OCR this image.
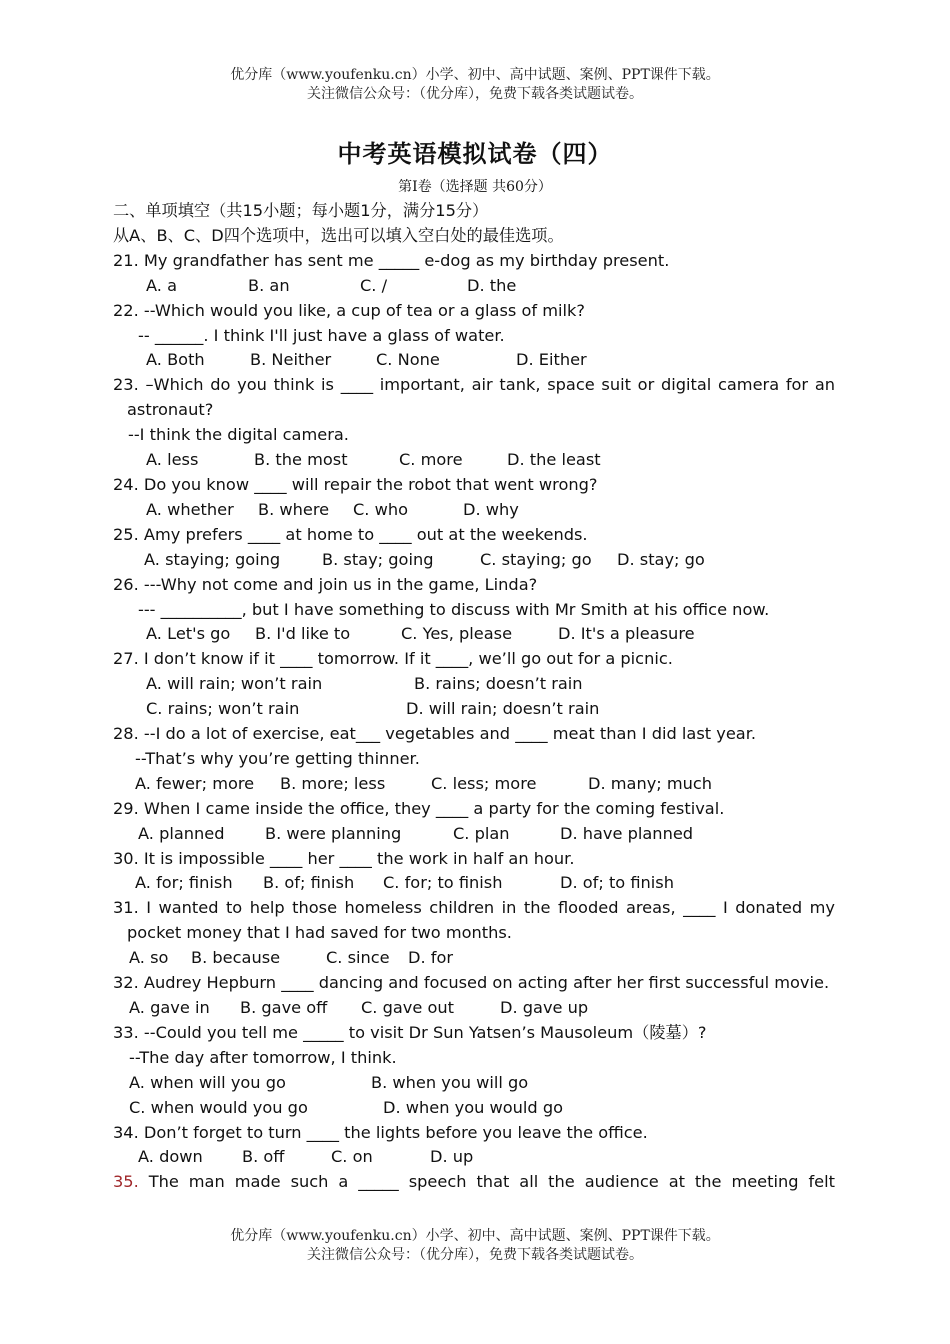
优分库（www.youfenku.cn）小学、初中、高中试题、案例、PPT课件下载。
关注微信公众号：（优分库），免费下载各类试题试卷。
中考英语模拟试卷（四）
第Ⅰ卷（选择题 共60分）

二、单项填空（共15小题；每小题1分，满分15分）

从A、B、C、D四个选项中，选出可以填入空白处的最佳选项。

21. My grandfather has sent me _____ e-dog as my birthday present.

A. a	B. an	C. /	D. the

22. --Which would you like, a cup of tea or a glass of milk?

-- ______. I think I'll just have a glass of water.

A. Both	B. Neither	C. None	D. Either

23. –Which do you think is ____ important, air tank, space suit or digital camera for an astronaut?

--I think the digital camera.

A. less	B. the most	C. more	D. the least

24. Do you know ____ will repair the robot that went wrong?

A. whether	B. where	C. who	D. why

25. Amy prefers ____ at home to ____ out at the weekends.

A. staying; going	B. stay; going	C. staying; go	D. stay; go

26. ---Why not come and join us in the game, Linda?

--- __________, but I have something to discuss with Mr Smith at his office now.

A. Let's go	B. I'd like to	C. Yes, please	D. It's a pleasure

27. I don’t know if it ____ tomorrow. If it ____, we’ll go out for a picnic.

A. will rain; won’t rain	B. rains; doesn’t rain
C. rains; won’t rain	D. will rain; doesn’t rain

28. --I do a lot of exercise, eat___ vegetables and ____ meat than I did last year.

--That’s why you’re getting thinner.

A. fewer; more	B. more; less	C. less; more	D. many; much

29. When I came inside the office, they ____ a party for the coming festival.

A. planned	B. were planning	C. plan	D. have planned

30. It is impossible ____ her ____ the work in half an hour.

A. for; finish	B. of; finish	C. for; to finish	D. of; to finish

31. I wanted to help those homeless children in the flooded areas, ____ I donated my pocket money that I had saved for two months.

A. so	B. because	C. since	D. for

32. Audrey Hepburn ____ dancing and focused on acting after her first successful movie.

A. gave in	B. gave off	C. gave out	D. gave up

33. --Could you tell me _____ to visit Dr Sun Yatsen’s Mausoleum（陵墓）?

--The day after tomorrow, I think.

A. when will you go	B. when you will go
C. when would you go	D. when you would go

34. Don’t forget to turn ____ the lights before you leave the office.

A. down	B. off	C. on	D. up

35. The man made such a _____ speech that all the audience at the meeting felt

优分库（www.youfenku.cn）小学、初中、高中试题、案例、PPT课件下载。
关注微信公众号：（优分库），免费下载各类试题试卷。
